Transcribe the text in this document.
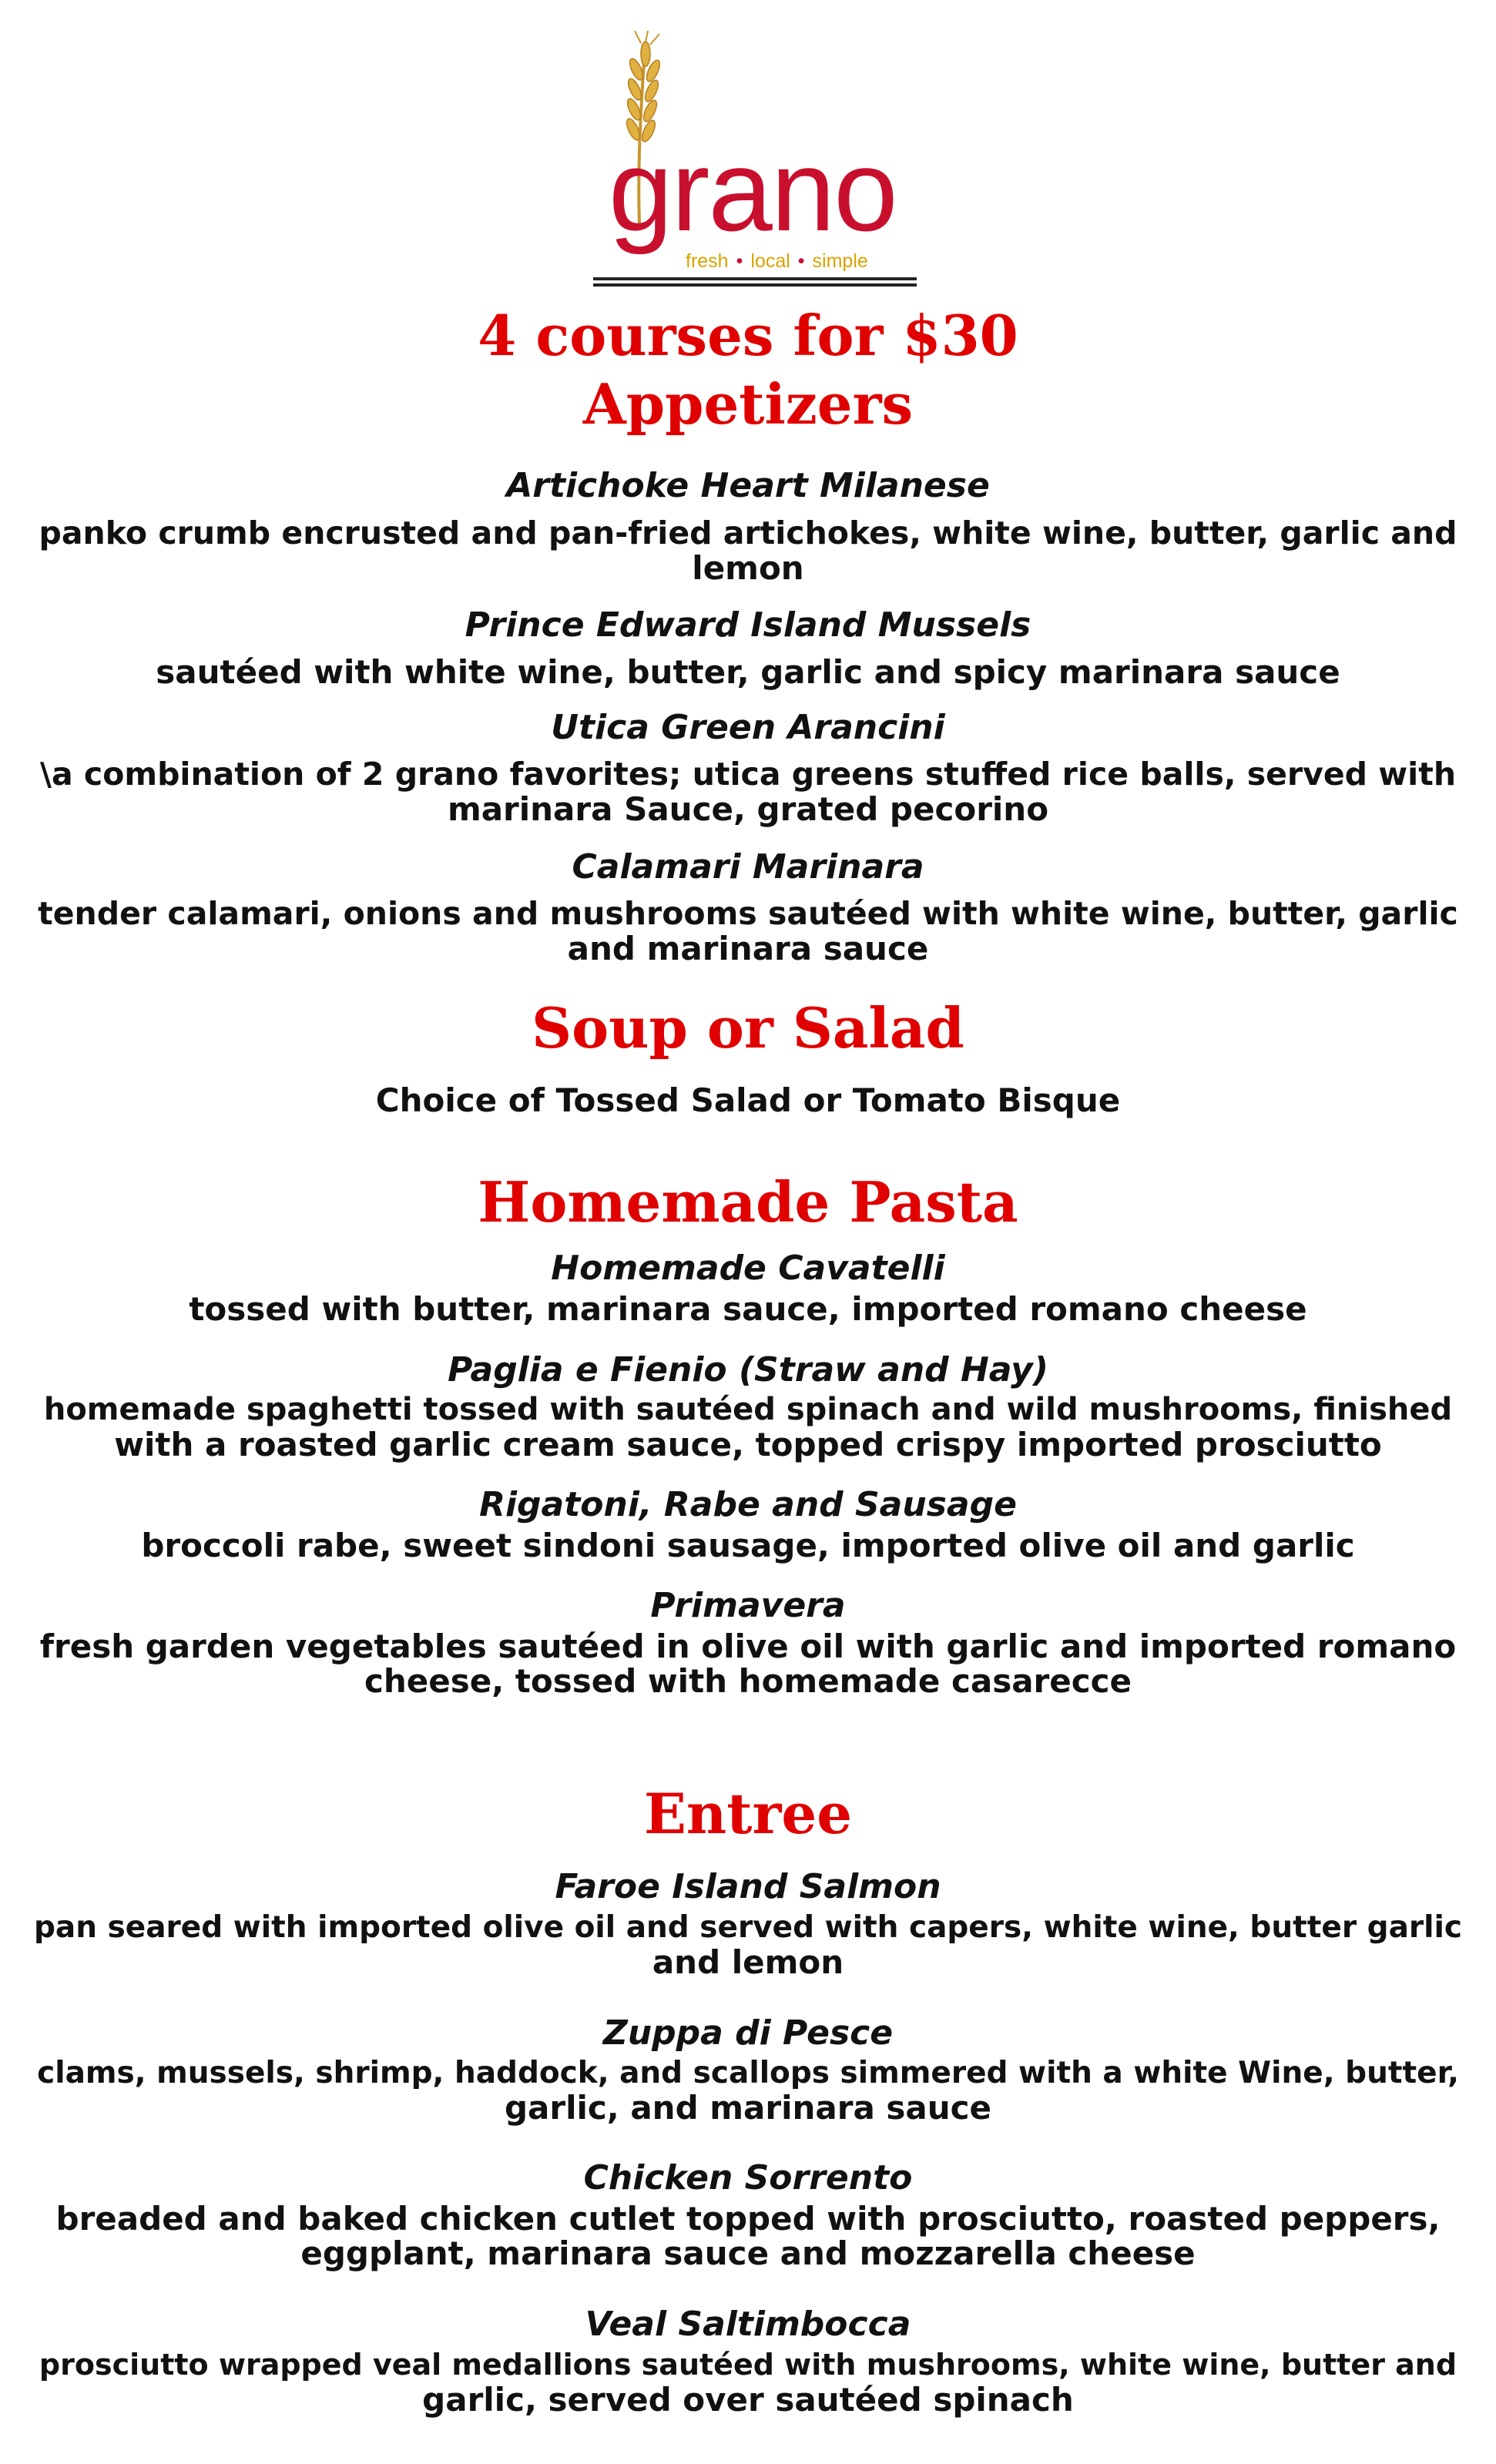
grano
fresh • local • simple
4 courses for $30
Appetizers
Artichoke Heart Milanese
panko crumb encrusted and pan-fried artichokes, white wine, butter, garlic and
lemon
Prince Edward Island Mussels
sautéed with white wine, butter, garlic and spicy marinara sauce
Utica Green Arancini
\a combination of 2 grano favorites; utica greens stuffed rice balls, served with
marinara Sauce, grated pecorino
Calamari Marinara
tender calamari, onions and mushrooms sautéed with white wine, butter, garlic
and marinara sauce
Soup or Salad
Choice of Tossed Salad or Tomato Bisque
Homemade Pasta
Homemade Cavatelli
tossed with butter, marinara sauce, imported romano cheese
Paglia e Fienio (Straw and Hay)
homemade spaghetti tossed with sautéed spinach and wild mushrooms, finished
with a roasted garlic cream sauce, topped crispy imported prosciutto
Rigatoni, Rabe and Sausage
broccoli rabe, sweet sindoni sausage, imported olive oil and garlic
Primavera
fresh garden vegetables sautéed in olive oil with garlic and imported romano
cheese, tossed with homemade casarecce
Entree
Faroe Island Salmon
pan seared with imported olive oil and served with capers, white wine, butter garlic
and lemon
Zuppa di Pesce
clams, mussels, shrimp, haddock, and scallops simmered with a white Wine, butter,
garlic, and marinara sauce
Chicken Sorrento
breaded and baked chicken cutlet topped with prosciutto, roasted peppers,
eggplant, marinara sauce and mozzarella cheese
Veal Saltimbocca
prosciutto wrapped veal medallions sautéed with mushrooms, white wine, butter and
garlic, served over sautéed spinach
